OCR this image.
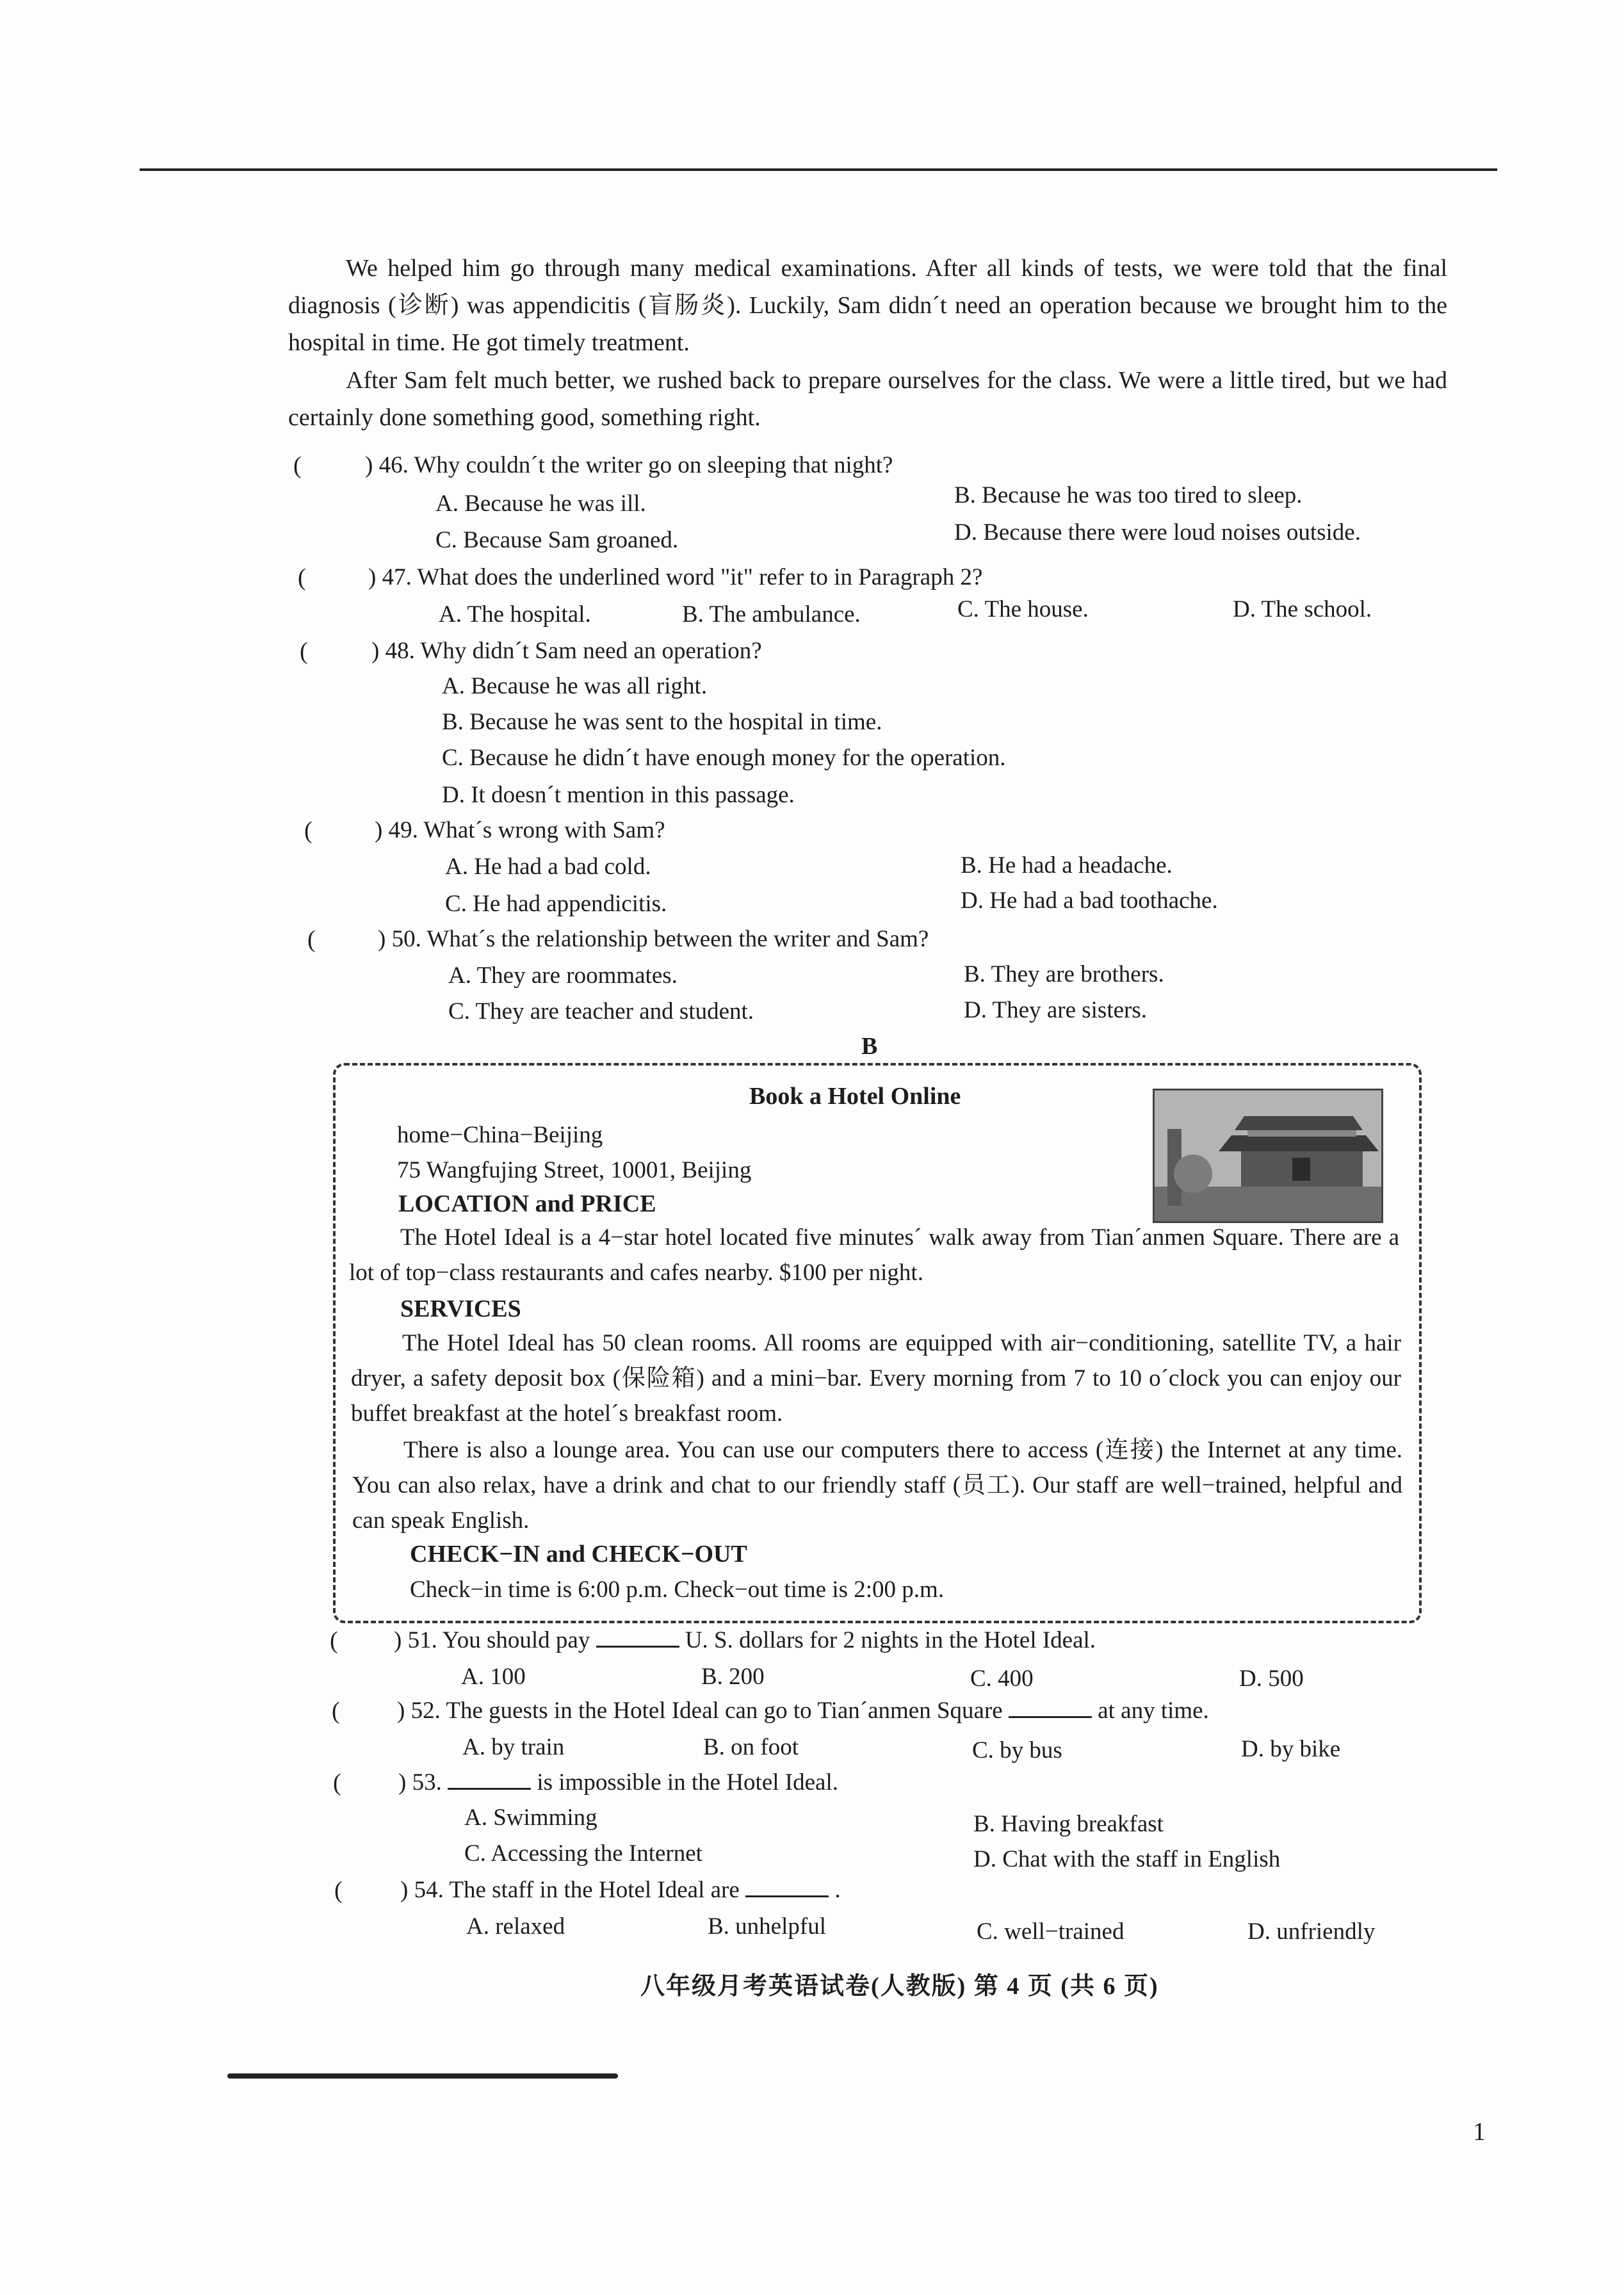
We helped him go through many medical examinations. After all kinds of tests, we were told that the final diagnosis (诊断) was appendicitis (盲肠炎). Luckily, Sam didn´t need an operation because we brought him to the hospital in time. He got timely treatment.
After Sam felt much better, we rushed back to prepare ourselves for the class. We were a little tired, but we had certainly done something good, something right.
(	) 46. Why couldn´t the writer go on sleeping that night?
A. Because he was ill.	B. Because he was too tired to sleep.
C. Because Sam groaned.	D. Because there were loud noises outside.
(	) 47. What does the underlined word "it" refer to in Paragraph 2?
A. The hospital.	B. The ambulance.	C. The house.	D. The school.
(	) 48. Why didn´t Sam need an operation?
A. Because he was all right.
B. Because he was sent to the hospital in time.
C. Because he didn´t have enough money for the operation.
D. It doesn´t mention in this passage.
(	) 49. What´s wrong with Sam?
A. He had a bad cold.	B. He had a headache.
C. He had appendicitis.	D. He had a bad toothache.
(	) 50. What´s the relationship between the writer and Sam?
A. They are roommates.	B. They are brothers.
C. They are teacher and student.	D. They are sisters.
B
Book a Hotel Online
home−China−Beijing
75 Wangfujing Street, 10001, Beijing
LOCATION and PRICE
The Hotel Ideal is a 4−star hotel located five minutes´ walk away from Tian´anmen Square. There are a lot of top−class restaurants and cafes nearby. $100 per night.
SERVICES
The Hotel Ideal has 50 clean rooms. All rooms are equipped with air−conditioning, satellite TV, a hair dryer, a safety deposit box (保险箱) and a mini−bar. Every morning from 7 to 10 o´clock you can enjoy our buffet breakfast at the hotel´s breakfast room.
There is also a lounge area. You can use our computers there to access (连接) the Internet at any time. You can also relax, have a drink and chat to our friendly staff (员工). Our staff are well−trained, helpful and can speak English.
CHECK−IN and CHECK−OUT
Check−in time is 6:00 p.m. Check−out time is 2:00 p.m.
( ) 51. You should pay	U. S. dollars for 2 nights in the Hotel Ideal.
A. 100	B. 200	C. 400	D. 500
( ) 52. The guests in the Hotel Ideal can go to Tian´anmen Square	at any time.
A. by train	B. on foot	C. by bus	D. by bike
( ) 53.	is impossible in the Hotel Ideal.
A. Swimming	B. Having breakfast
C. Accessing the Internet	D. Chat with the staff in English
( ) 54. The staff in the Hotel Ideal are	.
A. relaxed	B. unhelpful	C. well−trained	D. unfriendly
八年级月考英语试卷(人教版) 第 4 页 (共 6 页)
1
